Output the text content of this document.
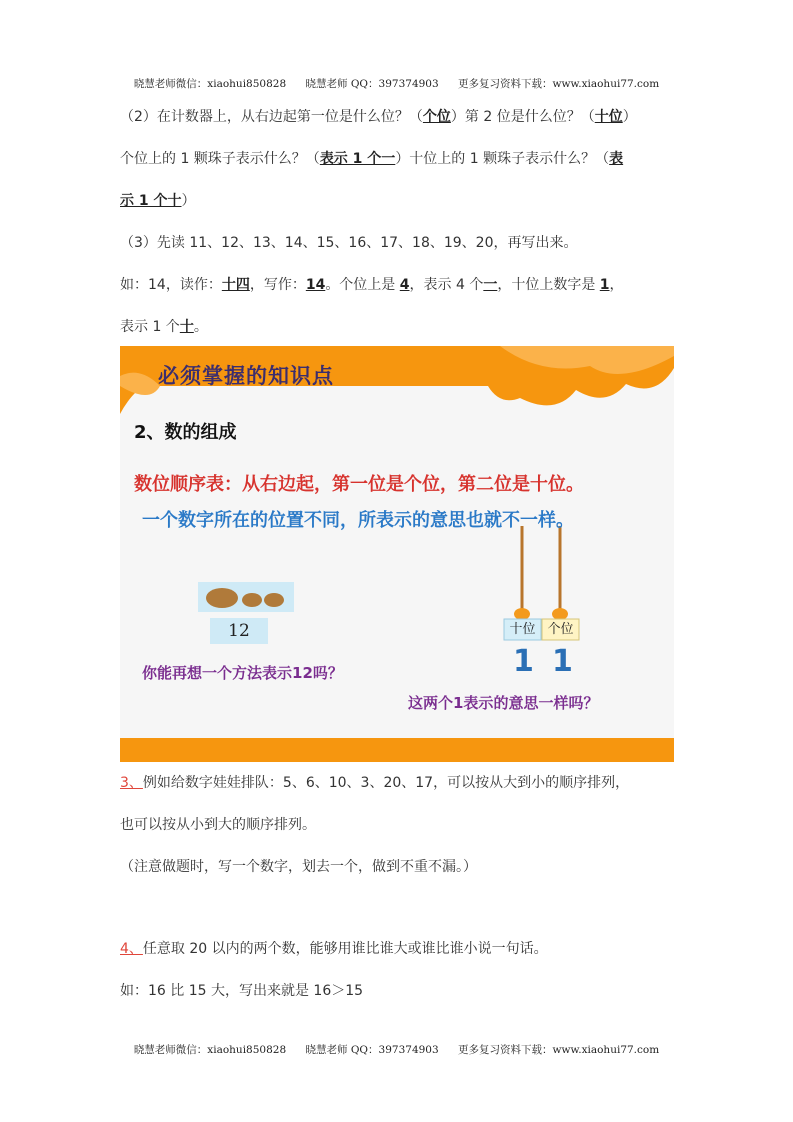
晓慧老师微信：xiaohui850828 晓慧老师 QQ：397374903 更多复习资料下载：www.xiaohui77.com
（2）在计数器上，从右边起第一位是什么位？（个位）第 2 位是什么位？（十位）
个位上的 1 颗珠子表示什么？（表示 1 个一）十位上的 1 颗珠子表示什么？（表
示 1 个十）
（3）先读 11、12、13、14、15、16、17、18、19、20，再写出来。
如：14，读作：十四，写作：14。个位上是 4，表示 4 个一，十位上数字是 1，
表示 1 个十。
必须掌握的知识点
2、数的组成
数位顺序表：从右边起，第一位是个位，第二位是十位。
一个数字所在的位置不同，所表示的意思也就不一样。
12
你能再想一个方法表示12吗？
十位 个位
1 1
这两个1表示的意思一样吗？
3、例如给数字娃娃排队：5、6、10、3、20、17，可以按从大到小的顺序排列，
也可以按从小到大的顺序排列。
（注意做题时，写一个数字，划去一个，做到不重不漏。）
4、任意取 20 以内的两个数，能够用谁比谁大或谁比谁小说一句话。
如：16 比 15 大，写出来就是 16＞15
晓慧老师微信：xiaohui850828 晓慧老师 QQ：397374903 更多复习资料下载：www.xiaohui77.com
